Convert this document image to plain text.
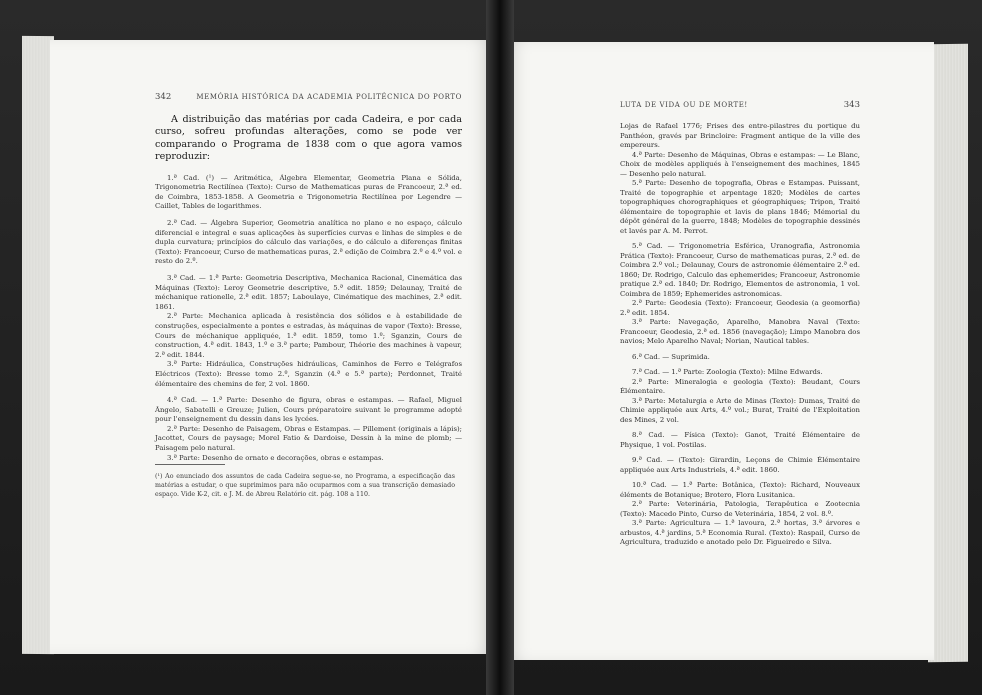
342	MEMÓRIA HISTÓRICA DA ACADEMIA POLITÉCNICA DO PORTO

A distribuição das matérias por cada Cadeira, e por cada curso, sofreu profundas alterações, como se pode ver comparando o Programa de 1838 com o que agora vamos reproduzir:

1.ª Cad. (¹) — Aritmética, Álgebra Elementar, Geometria Plana e Sólida, Trigonometria Rectilínea (Texto): Curso de Mathematicas puras de Francoeur, 2.ª ed. de Coimbra, 1853-1858. A Geometria e Trigonometria Rectilínea por Legendre — Caillet, Tables de logarithmes.

2.ª Cad. — Álgebra Superior, Geometria analítica no plano e no espaço, cálculo diferencial e integral e suas aplicações às superfícies curvas e linhas de simples e de dupla curvatura; princípios do cálculo das variações, e do cálculo a diferenças finitas (Texto): Francoeur, Curso de mathematicas puras, 2.ª edição de Coimbra 2.º e 4.º vol. e resto do 2.º.

3.ª Cad. — 1.ª Parte: Geometria Descriptiva, Mechanica Racional, Cinemática das Máquinas (Texto): Leroy Geometrie descriptive, 5.ª edit. 1859; Delaunay, Traité de méchanique rationelle, 2.ª edit. 1857; Laboulaye, Cinématique des machines, 2.ª edit. 1861.

2.ª Parte: Mechanica aplicada à resistência dos sólidos e à estabilidade de construções, especialmente a pontes e estradas, às máquinas de vapor (Texto): Bresse, Cours de méchanique appliquée, 1.ª edit. 1859, tomo 1.º; Sganzin, Cours de construction, 4.ª edit. 1843, 1.º e 3.ª parte; Pambour, Théorie des machines à vapeur, 2.ª edit. 1844.

3.ª Parte: Hidráulica, Construções hidráulicas, Caminhos de Ferro e Telégrafos Eléctricos (Texto): Bresse tomo 2.º, Sganzin (4.ª e 5.ª parte); Perdonnet, Traité élémentaire des chemins de fer, 2 vol. 1860.

4.ª Cad. — 1.ª Parte: Desenho de figura, obras e estampas. — Rafael, Miguel Ângelo, Sabatelli e Greuze; Julien, Cours préparatoire suivant le programme adopté pour l'enseignement du dessin dans les lycées.

2.ª Parte: Desenho de Paisagem, Obras e Estampas. — Pillement (originais a lápis); Jacottet, Cours de paysage; Morel Fatio & Dardoise, Dessin à la mine de plomb; — Paisagem pelo natural.

3.ª Parte: Desenho de ornato e decorações, obras e estampas.

(¹) Ao enunciado dos assuntos de cada Cadeira segue-se, no Programa, a especificação das matérias a estudar, o que suprimimos para não ocuparmos com a sua transcrição demasiado espaço. Vide K-2, cit. e J. M. de Abreu Relatório cit. pág. 108 a 110.
LUTA DE VIDA OU DE MORTE!	343

Lojas de Rafael 1776; Frises des entre-pilastres du portique du Panthéon, gravés par Brincloire: Fragment antique de la ville des empereurs.

4.ª Parte: Desenho de Máquinas, Obras e estampas: — Le Blanc, Choix de modèles appliqués à l'enseignement des machines, 1845 — Desenho pelo natural.

5.ª Parte: Desenho de topografia, Obras e Estampas. Puissant, Traité de topographie et arpentage 1820; Modèles de cartes topographiques chorographiques et géographiques; Tripon, Traité élémentaire de topographie et lavis de plans 1846; Mémorial du dépôt général de la guerre, 1848; Modèles de topographie dessinés et lavés par A. M. Perrot.

5.ª Cad. — Trigonometria Esférica, Uranografia, Astronomia Prática (Texto): Francoeur, Curso de mathematicas puras, 2.ª ed. de Coimbra 2.º vol.; Delaunay, Cours de astronomie élémentaire 2.ª ed. 1860; Dr. Rodrigo, Calculo das ephemerides; Francoeur, Astronomie pratique 2.ª ed. 1840; Dr. Rodrigo, Elementos de astronomia, 1 vol. Coimbra de 1859; Ephemerides astronomicas.

2.ª Parte: Geodesia (Texto): Francoeur, Geodesia (a geomorfia) 2.ª edit. 1854.

3.ª Parte: Navegação, Aparelho, Manobra Naval (Texto: Francoeur, Geodesia, 2.ª ed. 1856 (navegação); Limpo Manobra dos navios; Melo Aparelho Naval; Norian, Nautical tables.

6.ª Cad. — Suprimida.

7.ª Cad. — 1.ª Parte: Zoologia (Texto): Milne Edwards.

2.ª Parte: Mineralogia e geologia (Texto): Beudant, Cours Élémentaire.

3.ª Parte: Metalurgia e Arte de Minas (Texto): Dumas, Traité de Chimie appliquée aux Arts, 4.º vol.; Burat, Traité de l'Exploitation des Mines, 2 vol.

8.ª Cad. — Física (Texto): Ganot, Traité Élémentaire de Physique, 1 vol. Postilas.

9.ª Cad. — (Texto): Girardin, Leçons de Chimie Élémentaire appliquée aux Arts Industriels, 4.ª edit. 1860.

10.ª Cad. — 1.ª Parte: Botânica, (Texto): Richard, Nouveaux éléments de Botanique; Brotero, Flora Lusitanica.

2.ª Parte: Veterinária, Patologia, Terapêutica e Zootecnia (Texto): Macedo Pinto, Curso de Veterinária, 1854, 2 vol. 8.º.

3.ª Parte: Agricultura — 1.ª lavoura, 2.ª hortas, 3.ª árvores e arbustos, 4.ª jardins, 5.ª Economia Rural. (Texto): Raspail, Curso de Agricultura, traduzido e anotado pelo Dr. Figueiredo e Silva.
